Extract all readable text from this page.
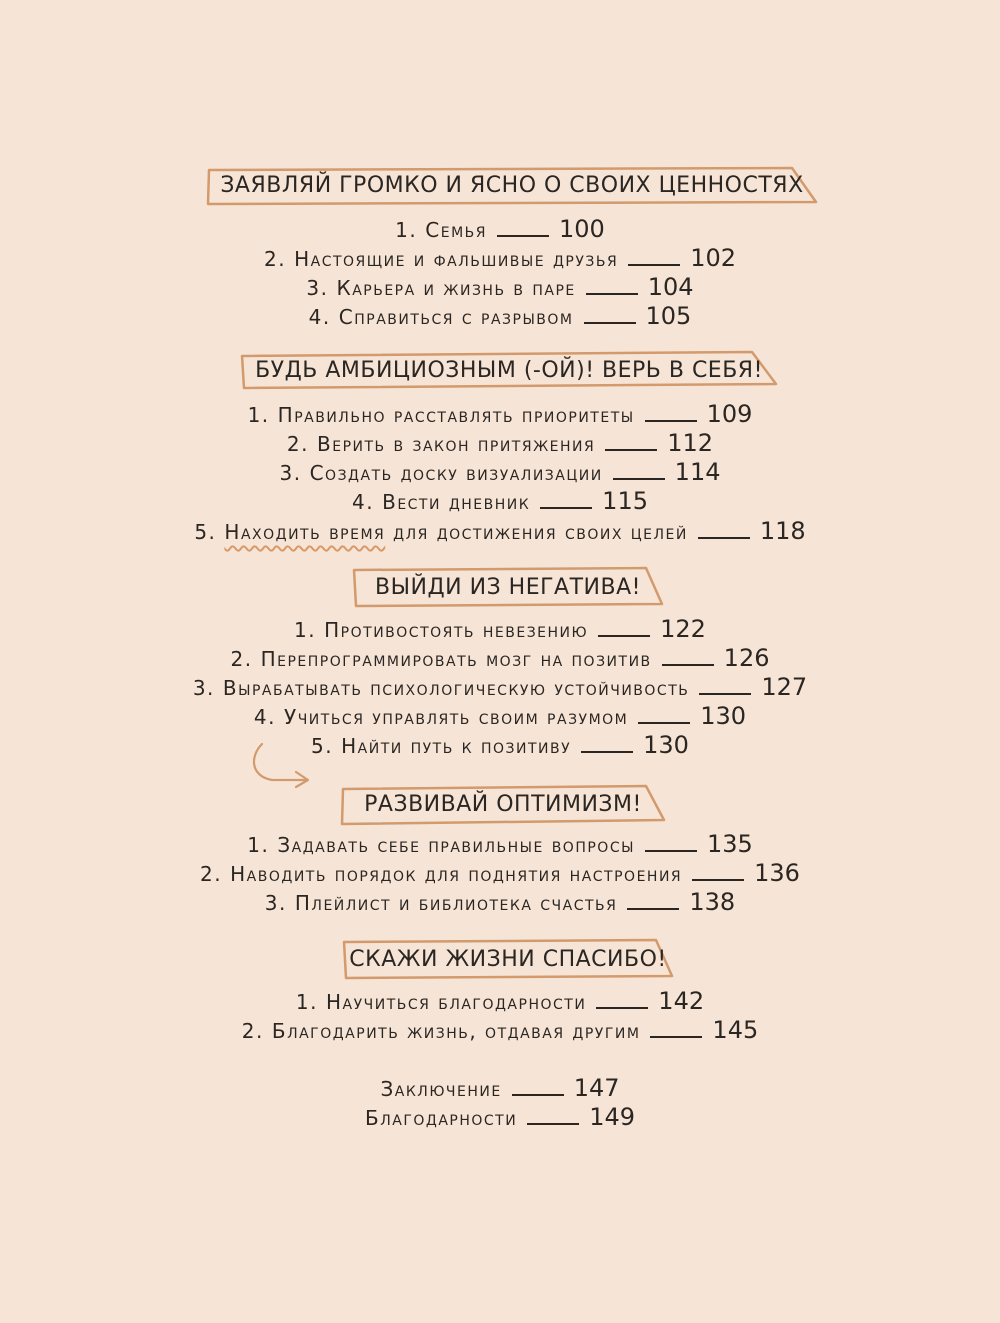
ЗАЯВЛЯЙ ГРОМКО И ЯСНО О СВОИХ ЦЕННОСТЯХ
1. Семья	100
2. Настоящие и фальшивые друзья	102
3. Карьера и жизнь в паре	104
4. Справиться с разрывом	105
БУДЬ АМБИЦИОЗНЫМ (-ОЙ)! ВЕРЬ В СЕБЯ!
1. Правильно расставлять приоритеты	109
2. Верить в закон притяжения	112
3. Создать доску визуализации	114
4. Вести дневник	115
5. Находить время для достижения своих целей	118
ВЫЙДИ ИЗ НЕГАТИВА!
1. Противостоять невезению	122
2. Перепрограммировать мозг на позитив	126
3. Вырабатывать психологическую устойчивость	127
4. Учиться управлять своим разумом	130
5. Найти путь к позитиву	130
РАЗВИВАЙ ОПТИМИЗМ!
1. Задавать себе правильные вопросы	135
2. Наводить порядок для поднятия настроения	136
3. Плейлист и библиотека счастья	138
СКАЖИ ЖИЗНИ СПАСИБО!
1. Научиться благодарности	142
2. Благодарить жизнь, отдавая другим	145
Заключение	147
Благодарности	149
